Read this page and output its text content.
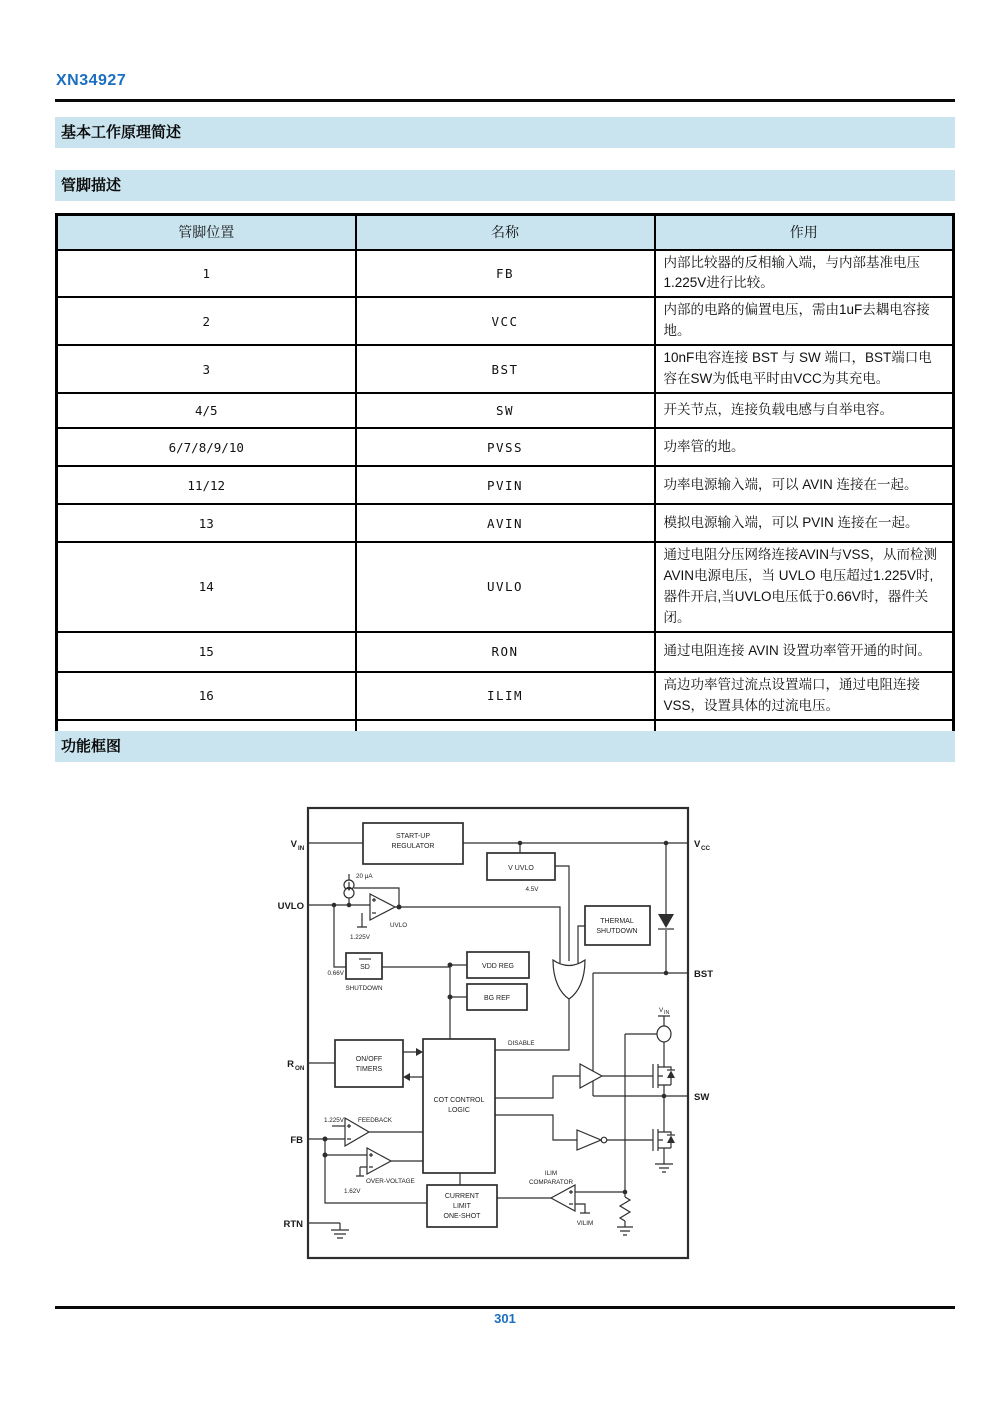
XN34927
基本工作原理简述
管脚描述
管脚位置	名称	作用
1	FB	内部比较器的反相输入端，与内部基准电压1.225V进行比较。
2	VCC	内部的电路的偏置电压，需由1uF去耦电容接地。
3	BST	10nF电容连接 BST 与 SW 端口，BST端口电容在SW为低电平时由VCC为其充电。
4/5	SW	开关节点，连接负载电感与自举电容。
6/7/8/9/10	PVSS	功率管的地。
11/12	PVIN	功率电源输入端，可以 AVIN 连接在一起。
13	AVIN	模拟电源输入端，可以 PVIN 连接在一起。
14	UVLO	通过电阻分压网络连接AVIN与VSS，从而检测AVIN电源电压，当 UVLO 电压超过1.225V时,器件开启,当UVLO电压低于0.66V时，器件关闭。
15	RON	通过电阻连接 AVIN 设置功率管开通的时间。
16	ILIM	高边功率管过流点设置端口，通过电阻连接 VSS，设置具体的过流电压。

功能框图
START-UP
REGULATOR
V UVLO
4.5V
THERMAL
SHUTDOWN
SD
SHUTDOWN
VDD REG
BG REF
ON/OFF
TIMERS
COT CONTROL
LOGIC
CURRENT
LIMIT
ONE-SHOT
ILIM
COMPARATOR
VILIM
1.225V
20 μA
UVLO
DISABLE
FEEDBACK
OVER-VOLTAGE
1.62V
V IN
0.66V
1.225V
V
UVLO
R
FB
RTN
IN
ON
V CC
BST
SW
301
